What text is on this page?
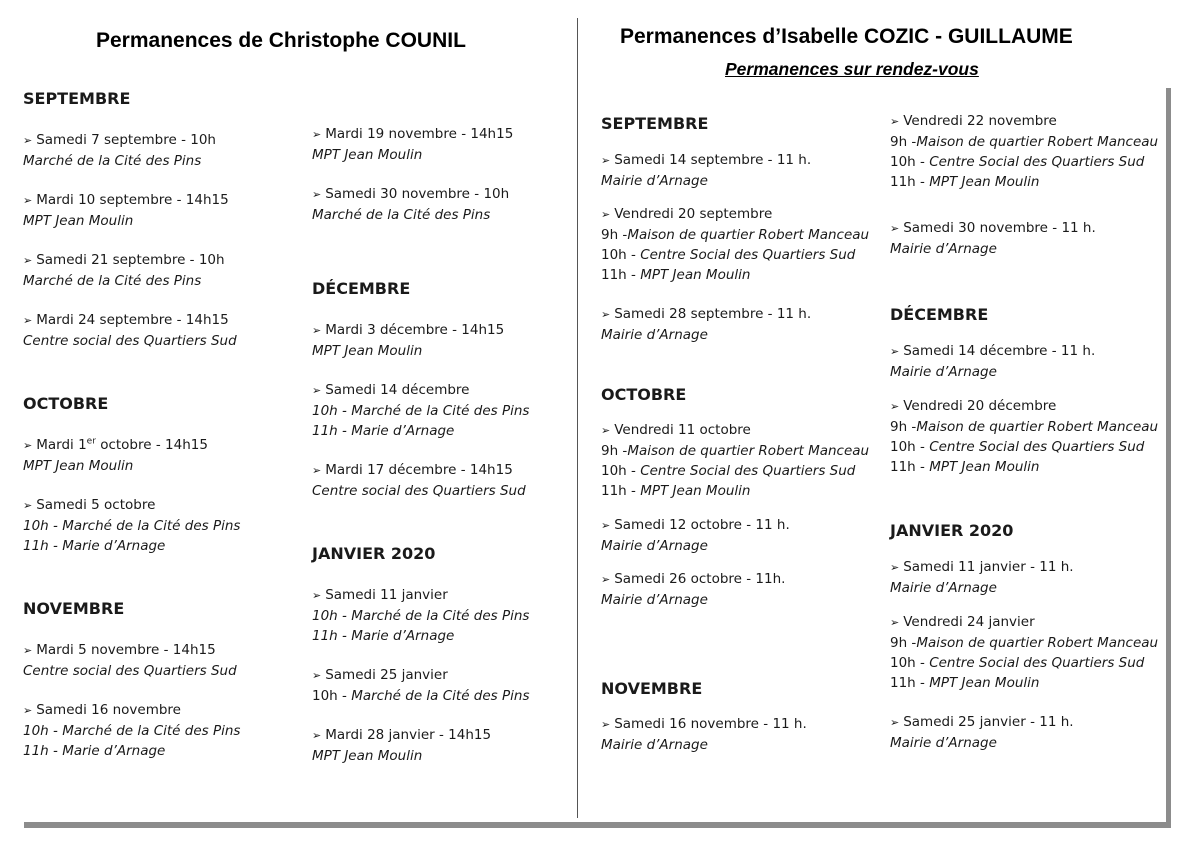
Permanences de Christophe COUNIL	Permanences d’Isabelle COZIC - GUILLAUME
Permanences sur rendez-vous
SEPTEMBRE
➢ Samedi 7 septembre - 10h
Marché de la Cité des Pins
➢ Mardi 10 septembre - 14h15
MPT Jean Moulin
➢ Samedi 21 septembre - 10h
Marché de la Cité des Pins
➢ Mardi 24 septembre - 14h15
Centre social des Quartiers Sud
OCTOBRE
➢ Mardi 1er octobre - 14h15
MPT Jean Moulin
➢ Samedi 5 octobre
10h - Marché de la Cité des Pins
11h - Marie d’Arnage
NOVEMBRE
➢ Mardi 5 novembre - 14h15
Centre social des Quartiers Sud
➢ Samedi 16 novembre
10h - Marché de la Cité des Pins
11h - Marie d’Arnage
➢ Mardi 19 novembre - 14h15
MPT Jean Moulin
➢ Samedi 30 novembre - 10h
Marché de la Cité des Pins
DÉCEMBRE
➢ Mardi 3 décembre - 14h15
MPT Jean Moulin
➢ Samedi 14 décembre
10h - Marché de la Cité des Pins
11h - Marie d’Arnage
➢ Mardi 17 décembre - 14h15
Centre social des Quartiers Sud
JANVIER 2020
➢ Samedi 11 janvier
10h - Marché de la Cité des Pins
11h - Marie d’Arnage
➢ Samedi 25 janvier
10h - Marché de la Cité des Pins
➢ Mardi 28 janvier - 14h15
MPT Jean Moulin
SEPTEMBRE
➢ Samedi 14 septembre - 11 h.
Mairie d’Arnage
➢ Vendredi 20 septembre
9h -Maison de quartier Robert Manceau
10h - Centre Social des Quartiers Sud
11h - MPT Jean Moulin
➢ Samedi 28 septembre - 11 h.
Mairie d’Arnage
OCTOBRE
➢ Vendredi 11 octobre
9h -Maison de quartier Robert Manceau
10h - Centre Social des Quartiers Sud
11h - MPT Jean Moulin
➢ Samedi 12 octobre - 11 h.
Mairie d’Arnage
➢ Samedi 26 octobre - 11h.
Mairie d’Arnage
NOVEMBRE
➢ Samedi 16 novembre - 11 h.
Mairie d’Arnage
➢ Vendredi 22 novembre
9h -Maison de quartier Robert Manceau
10h - Centre Social des Quartiers Sud
11h - MPT Jean Moulin
➢ Samedi 30 novembre - 11 h.
Mairie d’Arnage
DÉCEMBRE
➢ Samedi 14 décembre - 11 h.
Mairie d’Arnage
➢ Vendredi 20 décembre
9h -Maison de quartier Robert Manceau
10h - Centre Social des Quartiers Sud
11h - MPT Jean Moulin
JANVIER 2020
➢ Samedi 11 janvier - 11 h.
Mairie d’Arnage
➢ Vendredi 24 janvier
9h -Maison de quartier Robert Manceau
10h - Centre Social des Quartiers Sud
11h - MPT Jean Moulin
➢ Samedi 25 janvier - 11 h.
Mairie d’Arnage
